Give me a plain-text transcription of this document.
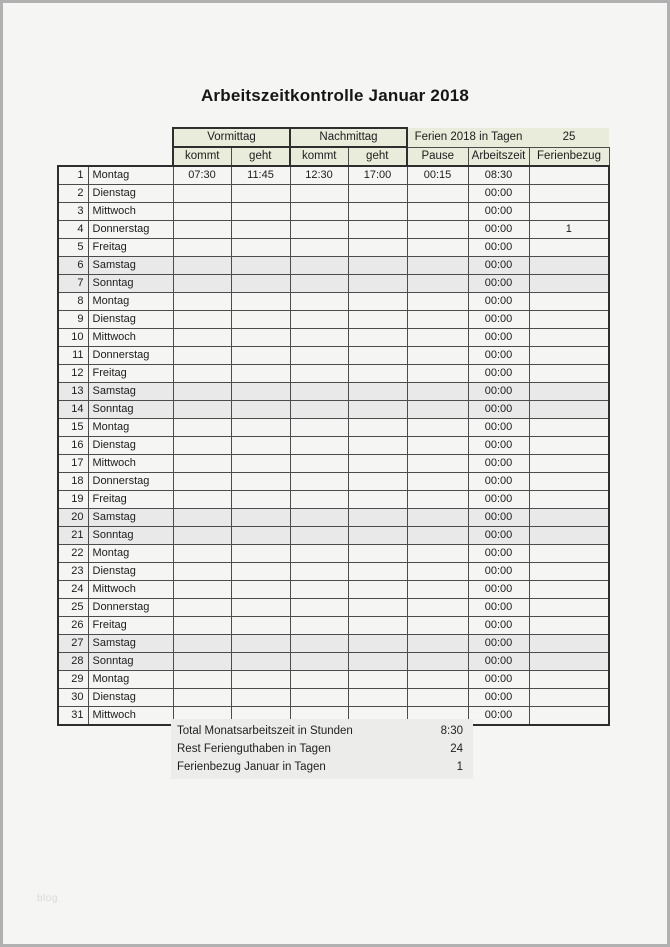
Arbeitszeitkontrolle Januar 2018
		Vormittag		Nachmittag		Ferien 2018 in Tagen		25
		kommt	geht	kommt	geht	Pause	Arbeitszeit	Ferienbezug
1	Montag	07:30	11:45	12:30	17:00	00:15	08:30	
2	Dienstag						00:00	
3	Mittwoch						00:00	
4	Donnerstag						00:00	1
5	Freitag						00:00	
6	Samstag						00:00	
7	Sonntag						00:00	
8	Montag						00:00	
9	Dienstag						00:00	
10	Mittwoch						00:00	
11	Donnerstag						00:00	
12	Freitag						00:00	
13	Samstag						00:00	
14	Sonntag						00:00	
15	Montag						00:00	
16	Dienstag						00:00	
17	Mittwoch						00:00	
18	Donnerstag						00:00	
19	Freitag						00:00	
20	Samstag						00:00	
21	Sonntag						00:00	
22	Montag						00:00	
23	Dienstag						00:00	
24	Mittwoch						00:00	
25	Donnerstag						00:00	
26	Freitag						00:00	
27	Samstag						00:00	
28	Sonntag						00:00	
29	Montag						00:00	
30	Dienstag						00:00	
31	Mittwoch						00:00	
Total Monatsarbeitszeit in Stunden	8:30
Rest Ferienguthaben in Tagen	24
Ferienbezug Januar in Tagen	1
blog
